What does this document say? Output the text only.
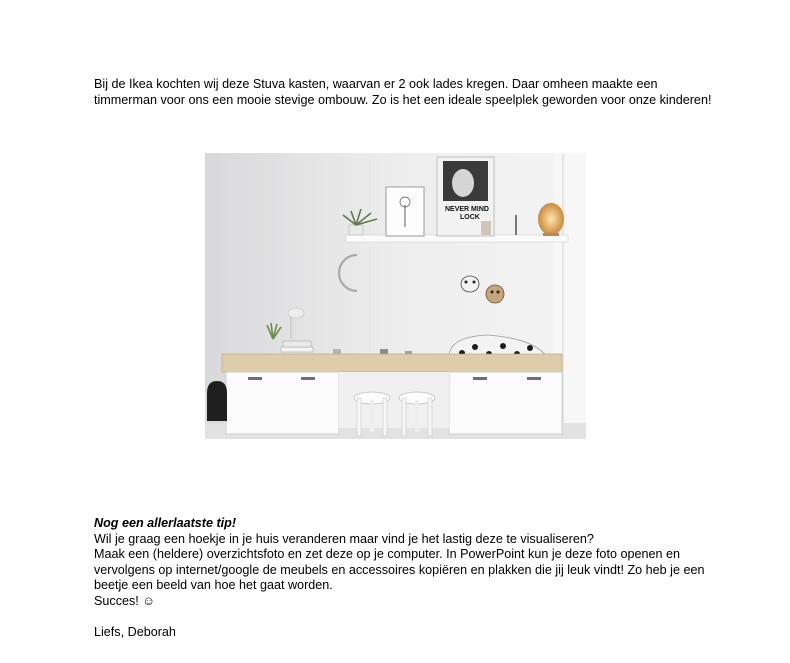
Bij de Ikea kochten wij deze Stuva kasten, waarvan er 2 ook lades kregen. Daar omheen maakte een timmerman voor ons een mooie stevige ombouw. Zo is het een ideale speelplek geworden voor onze kinderen!
NEVER MIND
LOCK
Nog een allerlaatste tip!
Wil je graag een hoekje in je huis veranderen maar vind je het lastig deze te visualiseren?
Maak een (heldere) overzichtsfoto en zet deze op je computer. In PowerPoint kun je deze foto openen en vervolgens op internet/google de meubels en accessoires kopiëren en plakken die jij leuk vindt! Zo heb je een beetje een beeld van hoe het gaat worden.
Succes! ☺
Liefs, Deborah
